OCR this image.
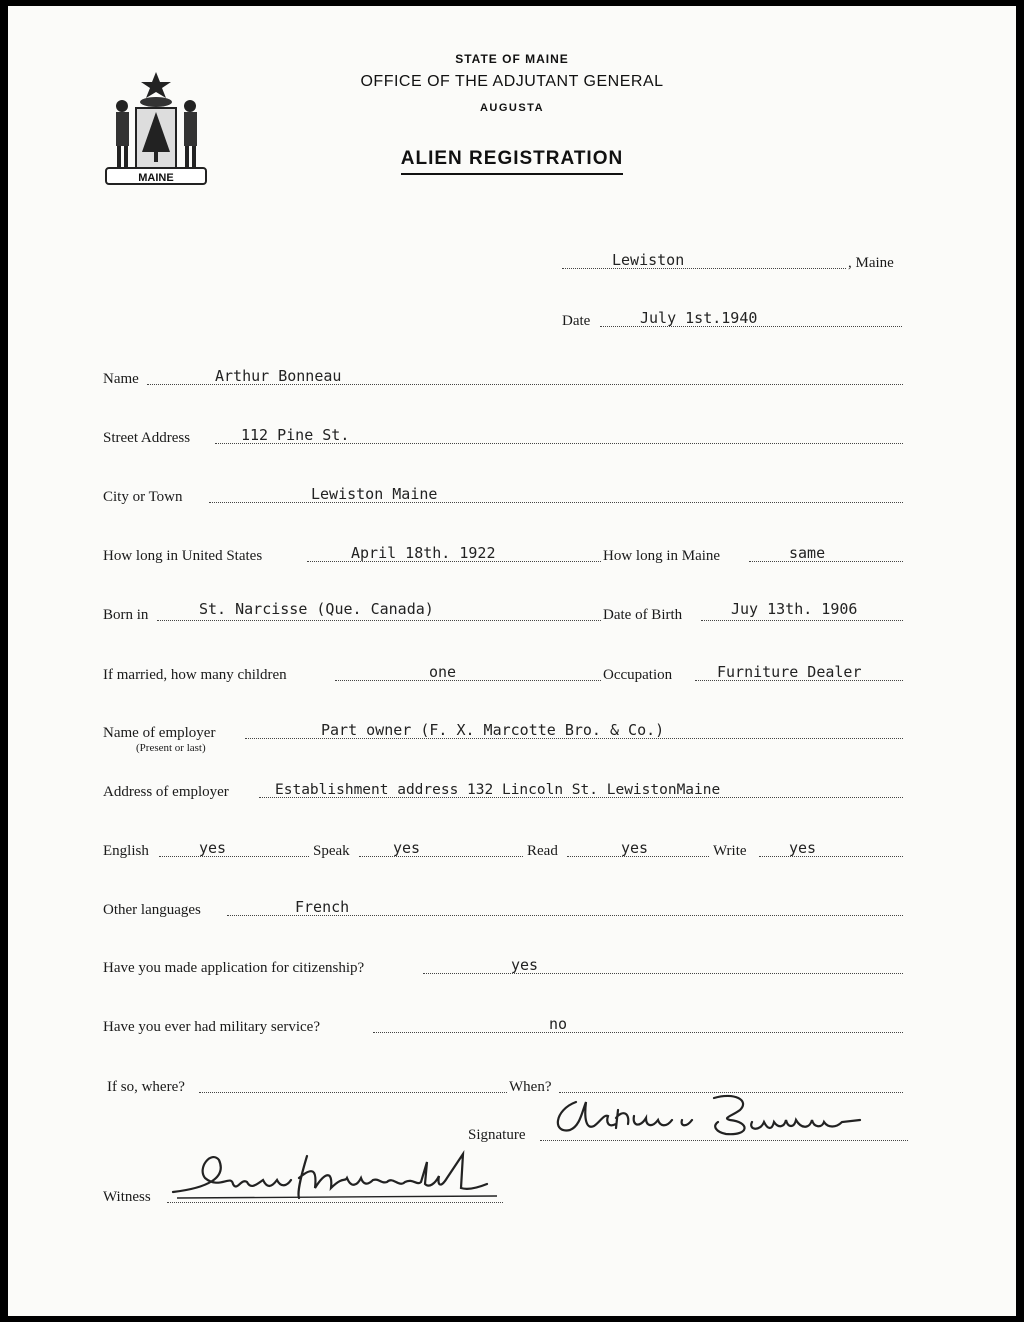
MAINE
STATE OF MAINE
OFFICE OF THE ADJUTANT GENERAL
AUGUSTA
ALIEN REGISTRATION
Lewiston	, Maine
Date	July 1st.1940
Name	Arthur Bonneau
Street Address	112 Pine St.
City or Town	Lewiston Maine
How long in United States	April 18th. 1922	How long in Maine	same
Born in	St. Narcisse (Que. Canada)	Date of Birth	Juy 13th. 1906
If married, how many children	one	Occupation	Furniture Dealer
Name of employer	Part owner (F. X. Marcotte Bro. & Co.)
(Present or last)
Address of employer	Establishment address 132 Lincoln St. LewistonMaine
English	yes	Speak	yes	Read	yes	Write	yes
Other languages	French
Have you made application for citizenship?	yes
Have you ever had military service?	no
If so, where?	When?
Signature
Witness
